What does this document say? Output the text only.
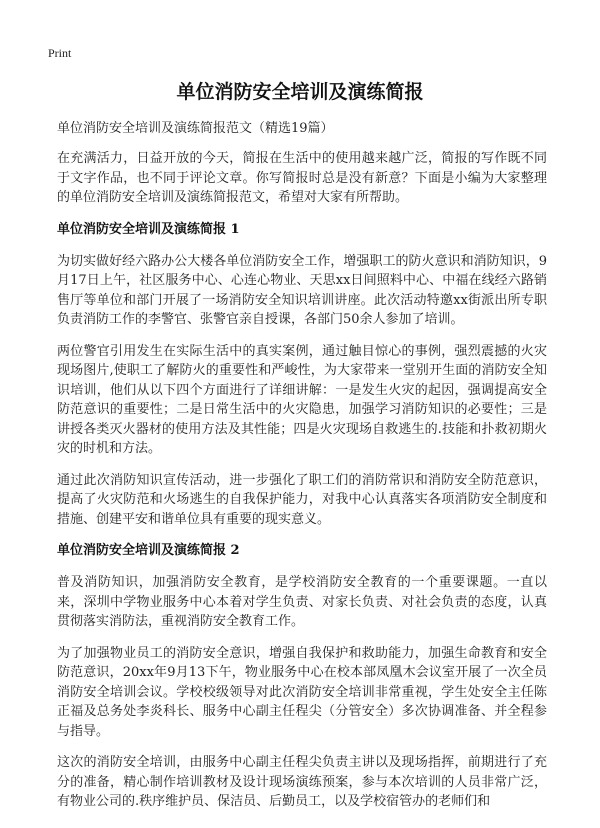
Print
单位消防安全培训及演练简报

单位消防安全培训及演练简报范文（精选19篇）

在充满活力，日益开放的今天，简报在生活中的使用越来越广泛，简报的写作既不同于文字作品，也不同于评论文章。你写简报时总是没有新意？下面是小编为大家整理的单位消防安全培训及演练简报范文，希望对大家有所帮助。

单位消防安全培训及演练简报 1

为切实做好经六路办公大楼各单位消防安全工作，增强职工的防火意识和消防知识，9月17日上午，社区服务中心、心连心物业、天思xx日间照料中心、中福在线经六路销售厅等单位和部门开展了一场消防安全知识培训讲座。此次活动特邀xx街派出所专职负责消防工作的李警官、张警官亲自授课，各部门50余人参加了培训。

两位警官引用发生在实际生活中的真实案例，通过触目惊心的事例，强烈震撼的火灾现场图片,使职工了解防火的重要性和严峻性，为大家带来一堂别开生面的消防安全知识培训，他们从以下四个方面进行了详细讲解：一是发生火灾的起因，强调提高安全防范意识的重要性；二是日常生活中的火灾隐患，加强学习消防知识的必要性；三是讲授各类灭火器材的使用方法及其性能；四是火灾现场自救逃生的.技能和扑救初期火灾的时机和方法。

通过此次消防知识宣传活动，进一步强化了职工们的消防常识和消防安全防范意识，提高了火灾防范和火场逃生的自我保护能力，对我中心认真落实各项消防安全制度和措施、创建平安和谐单位具有重要的现实意义。

单位消防安全培训及演练简报 2

普及消防知识，加强消防安全教育，是学校消防安全教育的一个重要课题。一直以来，深圳中学物业服务中心本着对学生负责、对家长负责、对社会负责的态度，认真贯彻落实消防法，重视消防安全教育工作。

为了加强物业员工的消防安全意识，增强自我保护和救助能力，加强生命教育和安全防范意识，20xx年9月13下午，物业服务中心在校本部凤凰木会议室开展了一次全员消防安全培训会议。学校校级领导对此次消防安全培训非常重视，学生处安全主任陈正福及总务处李炎科长、服务中心副主任程尖（分管安全）多次协调准备、并全程参与指导。

这次的消防安全培训，由服务中心副主任程尖负责主讲以及现场指挥，前期进行了充分的准备，精心制作培训教材及设计现场演练预案，参与本次培训的人员非常广泛，有物业公司的.秩序维护员、保洁员、后勤员工，以及学校宿管办的老师们和
